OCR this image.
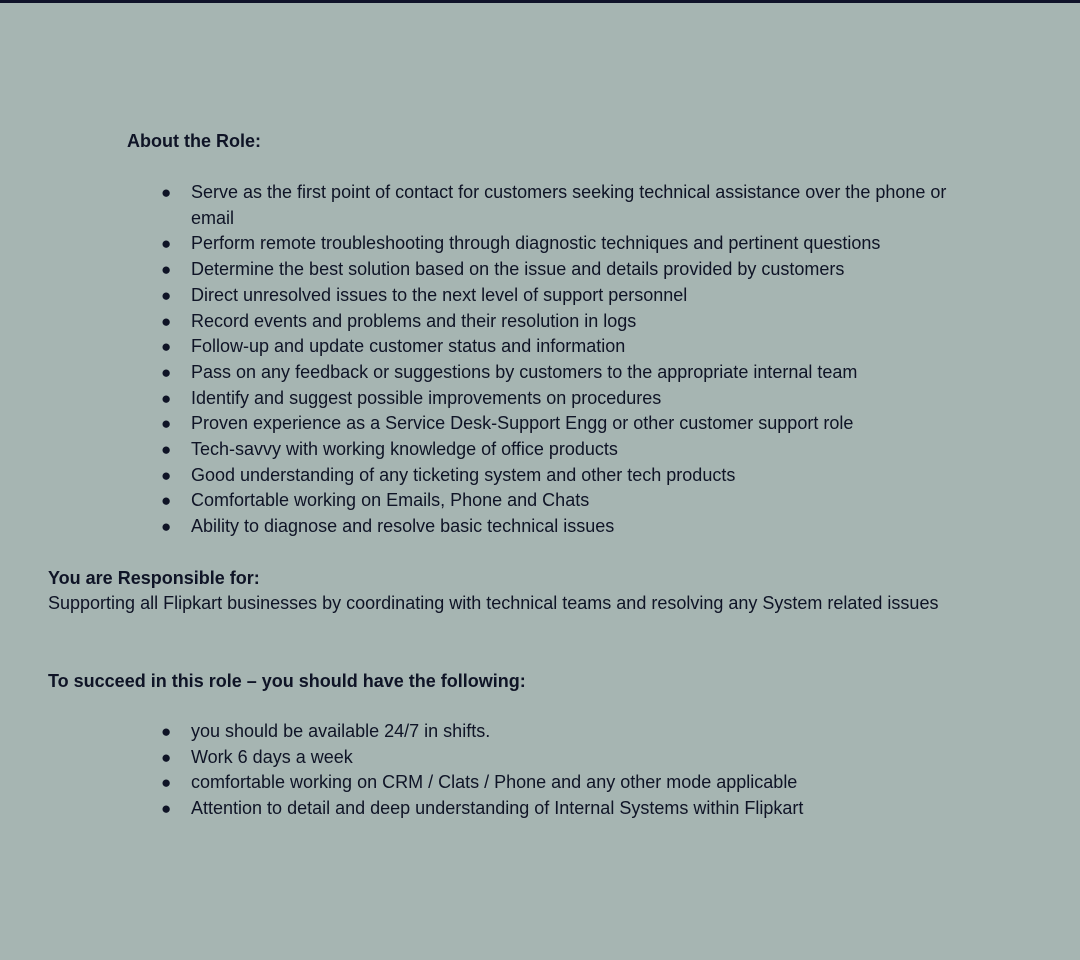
About the Role:
● Serve as the first point of contact for customers seeking technical assistance over the phone or email
● Perform remote troubleshooting through diagnostic techniques and pertinent questions
● Determine the best solution based on the issue and details provided by customers
● Direct unresolved issues to the next level of support personnel
● Record events and problems and their resolution in logs
● Follow-up and update customer status and information
● Pass on any feedback or suggestions by customers to the appropriate internal team
● Identify and suggest possible improvements on procedures
● Proven experience as a Service Desk-Support Engg or other customer support role
● Tech-savvy with working knowledge of office products
● Good understanding of any ticketing system and other tech products
● Comfortable working on Emails, Phone and Chats
● Ability to diagnose and resolve basic technical issues
You are Responsible for:

Supporting all Flipkart businesses by coordinating with technical teams and resolving any System related issues

To succeed in this role – you should have the following:
● you should be available 24/7 in shifts.
● Work 6 days a week
● comfortable working on CRM / Clats / Phone and any other mode applicable
● Attention to detail and deep understanding of Internal Systems within Flipkart
